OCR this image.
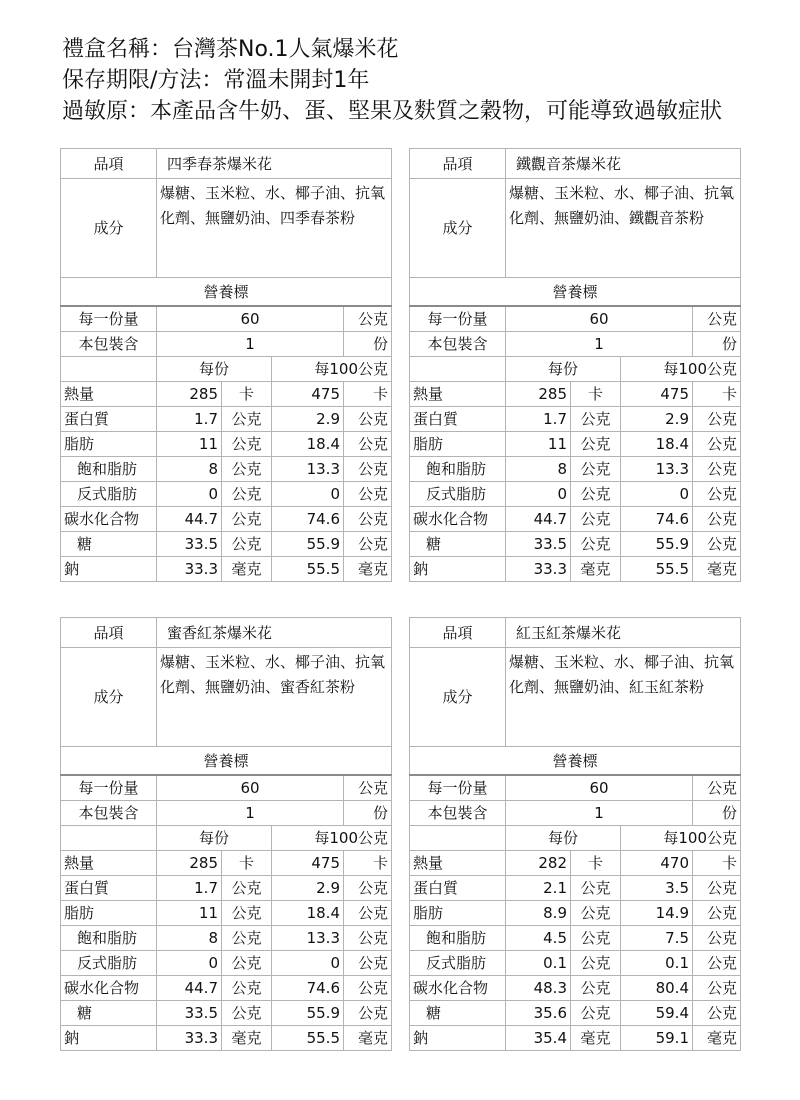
禮盒名稱：台灣茶No.1人氣爆米花
保存期限/方法：常溫未開封1年
過敏原：本產品含牛奶、蛋、堅果及麩質之穀物，可能導致過敏症狀
品項	四季春茶爆米花			
成分	爆糖、玉米粒、水、椰子油、抗氧化劑、無鹽奶油、四季春茶粉			
營養標				
每一份量	60			公克
本包裝含	1			份
	每份		每100公克	
熱量	285	卡	475	卡
蛋白質	1.7	公克	2.9	公克
脂肪	11	公克	18.4	公克
飽和脂肪	8	公克	13.3	公克
反式脂肪	0	公克	0	公克
碳水化合物	44.7	公克	74.6	公克
糖	33.5	公克	55.9	公克
鈉	33.3	毫克	55.5	毫克
品項	鐵觀音茶爆米花			
成分	爆糖、玉米粒、水、椰子油、抗氧化劑、無鹽奶油、鐵觀音茶粉			
營養標				
每一份量	60			公克
本包裝含	1			份
	每份		每100公克	
熱量	285	卡	475	卡
蛋白質	1.7	公克	2.9	公克
脂肪	11	公克	18.4	公克
飽和脂肪	8	公克	13.3	公克
反式脂肪	0	公克	0	公克
碳水化合物	44.7	公克	74.6	公克
糖	33.5	公克	55.9	公克
鈉	33.3	毫克	55.5	毫克
品項	蜜香紅茶爆米花			
成分	爆糖、玉米粒、水、椰子油、抗氧化劑、無鹽奶油、蜜香紅茶粉			
營養標				
每一份量	60			公克
本包裝含	1			份
	每份		每100公克	
熱量	285	卡	475	卡
蛋白質	1.7	公克	2.9	公克
脂肪	11	公克	18.4	公克
飽和脂肪	8	公克	13.3	公克
反式脂肪	0	公克	0	公克
碳水化合物	44.7	公克	74.6	公克
糖	33.5	公克	55.9	公克
鈉	33.3	毫克	55.5	毫克
品項	紅玉紅茶爆米花			
成分	爆糖、玉米粒、水、椰子油、抗氧化劑、無鹽奶油、紅玉紅茶粉			
營養標				
每一份量	60			公克
本包裝含	1			份
	每份		每100公克	
熱量	282	卡	470	卡
蛋白質	2.1	公克	3.5	公克
脂肪	8.9	公克	14.9	公克
飽和脂肪	4.5	公克	7.5	公克
反式脂肪	0.1	公克	0.1	公克
碳水化合物	48.3	公克	80.4	公克
糖	35.6	公克	59.4	公克
鈉	35.4	毫克	59.1	毫克
